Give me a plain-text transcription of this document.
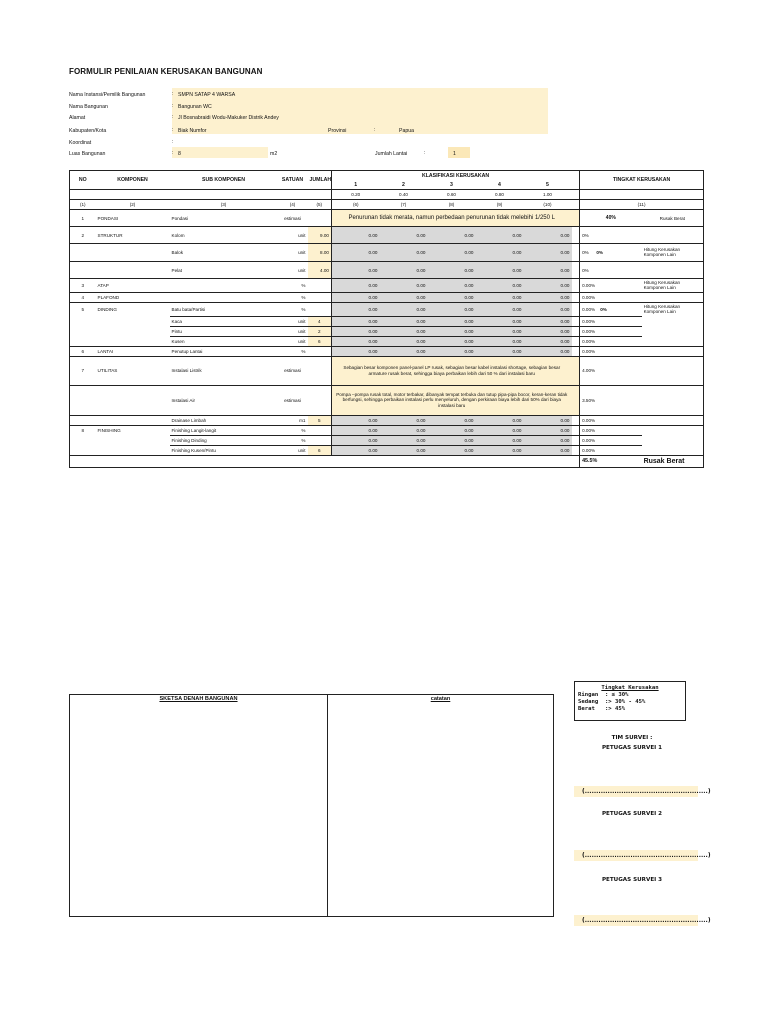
FORMULIR PENILAIAN KERUSAKAN BANGUNAN
Nama Instansi/Pemilik Bangunan	: SMPN SATAP 4 WARSA
Nama Bangunan	: Bangunan WC
Alamat	: Jl Bosnabraidi Wodu-Makuker Distrik Andey
Kabupaten/Kota	: Biak Numfor	Provinsi	:	Papua
Koordinat	:
Luas Bangunan	: 8	m2	Jumlah Lantai	:	1
NO	KOMPONEN	SUB KOMPONEN	SATUAN	JUMLAH	KLASIFIKASI KERUSAKAN						TINGKAT KERUSAKAN	
					1	2	3	4	5			
					0.20	0.40	0.60	0.80	1.00			
(1)	(2)	(3)	(4)	(5)	(6)	(7)	(8)	(9)	(10)		(11)	
1	PONDASI	Pondasi	estimasi		Penurunan tidak merata, namun perbedaan penurunan tidak melebihi 1/250 L						40%	Rusak Berat
2	STRUKTUR	Kolom	unit	9.00	0.00	0.00	0.00	0.00	0.00		0%	
		Balok	unit	8.00	0.00	0.00	0.00	0.00	0.00		0% 0%	Hitung Kerusakan Komponen Lain
		Pelat	unit	4.00	0.00	0.00	0.00	0.00	0.00		0%	
3	ATAP		%		0.00	0.00	0.00	0.00	0.00		0.00%	Hitung Kerusakan Komponen Lain
4	PLAFOND		%		0.00	0.00	0.00	0.00	0.00		0.00%	
5	DINDING	Batu bata/Partisi	%		0.00	0.00	0.00	0.00	0.00		0.00% 0%	Hitung Kerusakan Komponen Lain
		Kaca	unit	4	0.00	0.00	0.00	0.00	0.00		0.00%	
		Pintu	unit	2	0.00	0.00	0.00	0.00	0.00		0.00%	
		Kusen	unit	6	0.00	0.00	0.00	0.00	0.00		0.00%	
6	LANTAI	Penutup Lantai	%		0.00	0.00	0.00	0.00	0.00		0.00%	
7	UTILITAS	Instalasi Listrik	estimasi		Sebagian besar komponen panel-panel LP rusak, sebagian besar kabel instalasi shortage, sebagian besar armature rusak berat, sehingga biaya perbaikan lebih dari 50 % dari instalasi baru						4.00%	
		Instalasi Air	estimasi		Pompa –pompa rusak total, motor terbakar, dibanyak tempat terbuka dan tutup pipa-pipa bocor, keran-keran tidak berfungsi, sehingga perbaikan instalasi perlu menyeluruh, dengan perkiraan biaya lebih dari 50% dari biaya instalasi baru						3.50%	
		Drainase Limbah	m1	5	0.00	0.00	0.00	0.00	0.00		0.00%	
8	FINISHING	Finishing Langit-langit	%		0.00	0.00	0.00	0.00	0.00		0.00%	
		Finishing Dinding	%		0.00	0.00	0.00	0.00	0.00		0.00%	
		Finishing Kusen/Pintu	unit	6	0.00	0.00	0.00	0.00	0.00		0.00%	
											45.5%	Rusak Berat
SKETSA DENAH BANGUNAN	catatan
Tingkat Kerusakan
Ringan  : ≤ 30%
Sedang  :> 30% - 45%
Berat   :> 45%
TIM SURVEI :
PETUGAS SURVEI 1
(......................................................)
PETUGAS SURVEI 2
(......................................................)
PETUGAS SURVEI 3
(......................................................)
